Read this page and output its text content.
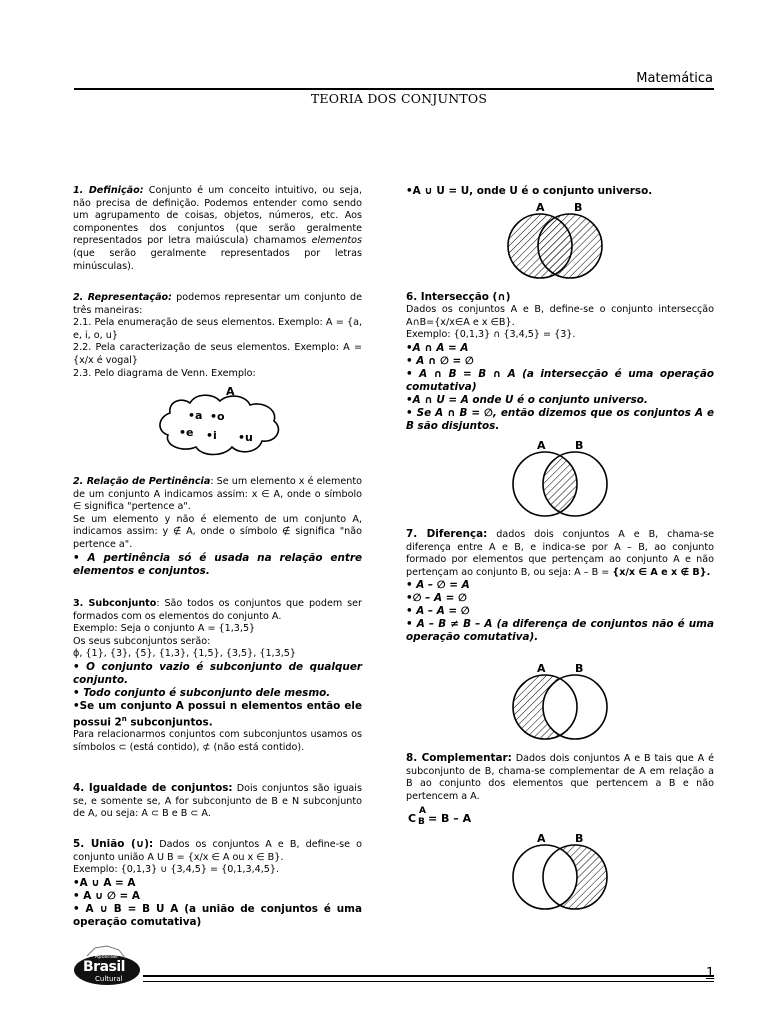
Matemática
TEORIA DOS CONJUNTOS

1. Definição: Conjunto é um conceito intuitivo, ou seja, não precisa de definição. Podemos entender como sendo um agrupamento de coisas, objetos, números, etc. Aos componentes dos conjuntos (que serão geralmente representados por letra maiúscula) chamamos elementos (que serão geralmente representados por letras minúsculas).

2. Representação: podemos representar um conjunto de três maneiras:

2.1. Pela enumeração de seus elementos. Exemplo: A = {a, e, i, o, u}

2.2. Pela caracterização de seus elementos. Exemplo: A = {x/x é vogal}

2.3. Pelo diagrama de Venn. Exemplo:

A
•a •o
•e •i •u

2. Relação de Pertinência: Se um elemento x é elemento de um conjunto A indicamos assim: x ∈ A, onde o símbolo ∈ significa "pertence a".

Se um elemento y não é elemento de um conjunto A, indicamos assim: y ∉ A, onde o símbolo ∉ significa "não pertence a".

• A pertinência só é usada na relação entre elementos e conjuntos.

3. Subconjunto: São todos os conjuntos que podem ser formados com os elementos do conjunto A.

Exemplo: Seja o conjunto A = {1,3,5}

Os seus subconjuntos serão:

ϕ, {1}, {3}, {5}, {1,3}, {1,5}, {3,5}, {1,3,5}

• O conjunto vazio é subconjunto de qualquer conjunto.

• Todo conjunto é subconjunto dele mesmo.

•Se um conjunto A possui n elementos então ele possui 2$^n$ subconjuntos.

Para relacionarmos conjuntos com subconjuntos usamos os símbolos ⊂ (está contido), ⊄ (não está contido).

4. Igualdade de conjuntos: Dois conjuntos são iguais se, e somente se, A for subconjunto de B e N subconjunto de A, ou seja: A ⊂ B e B ⊂ A.

5. União (∪): Dados os conjuntos A e B, define-se o conjunto união A U B = {x/x ∈ A ou x ∈ B}.

Exemplo: {0,1,3} ∪ {3,4,5} = {0,1,3,4,5}.

•A ∪ A = A

• A ∪ ∅ = A

• A ∪ B = B U A (a união de conjuntos é uma operação comutativa)

•A ∪ U = U, onde U é o conjunto universo.

A	B

6. Intersecção (∩)

Dados os conjuntos A e B, define-se o conjunto intersecção A∩B={x/x∈A e x ∈B}.

Exemplo: {0,1,3} ∩ {3,4,5} = {3}.

•A ∩ A = A

• A ∩ ∅ = ∅

• A ∩ B = B ∩ A (a intersecção é uma operação comutativa)

•A ∩ U = A onde U é o conjunto universo.

• Se A ∩ B = ∅, então dizemos que os conjuntos A e B são disjuntos.

A	B

7. Diferença: dados dois conjuntos A e B, chama-se diferença entre A e B, e indica-se por A – B, ao conjunto formado por elementos que pertençam ao conjunto A e não pertençam ao conjunto B, ou seja: A – B = {x/x ∈ A e x ∉ B}.

• A – ∅ = A

•∅ – A = ∅

• A – A = ∅

• A – B ≠ B – A (a diferença de conjuntos não é uma operação comutativa).

A	B

8. Complementar: Dados dois conjuntos A e B tais que A é subconjunto de B, chama-se complementar de A em relação a B ao conjunto dos elementos que pertencem a B e não pertencem a A.

C
A
B = B – A
A	B
Apostilas
Brasil
Cultural	1
